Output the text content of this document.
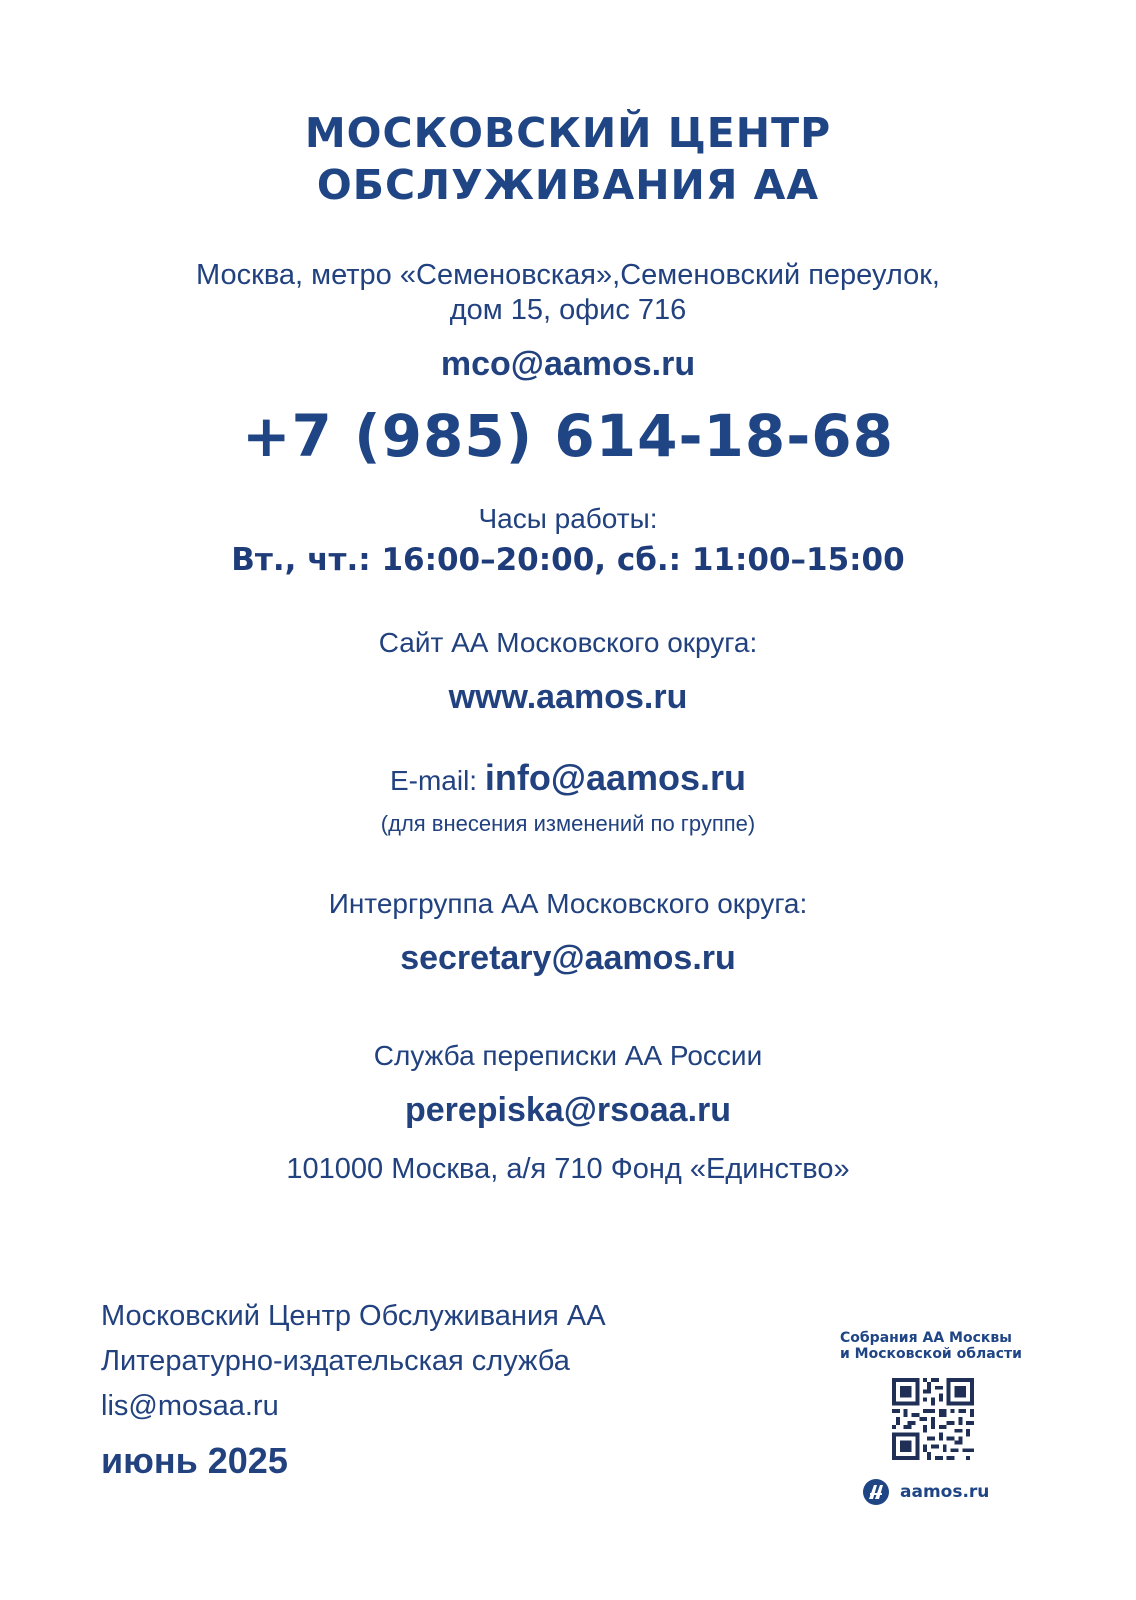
МОСКОВСКИЙ ЦЕНТР
ОБСЛУЖИВАНИЯ АА
Москва, метро «Семеновская»,Семеновский переулок,
дом 15, офис 716
mco@aamos.ru
+7 (985) 614-18-68
Часы работы:
Вт., чт.: 16:00–20:00, сб.: 11:00–15:00
Сайт АА Московского округа:
www.aamos.ru
E-mail: info@aamos.ru
(для внесения изменений по группе)
Интергруппа АА Московского округа:
secretary@aamos.ru
Служба переписки АА России
perepiska@rsoaa.ru
101000 Москва, а/я 710 Фонд «Единство»
Московский Центр Обслуживания АА
Литературно-издательская служба
lis@mosaa.ru
июнь 2025
Собрания АА Москвы
и Московской области
aamos.ru
